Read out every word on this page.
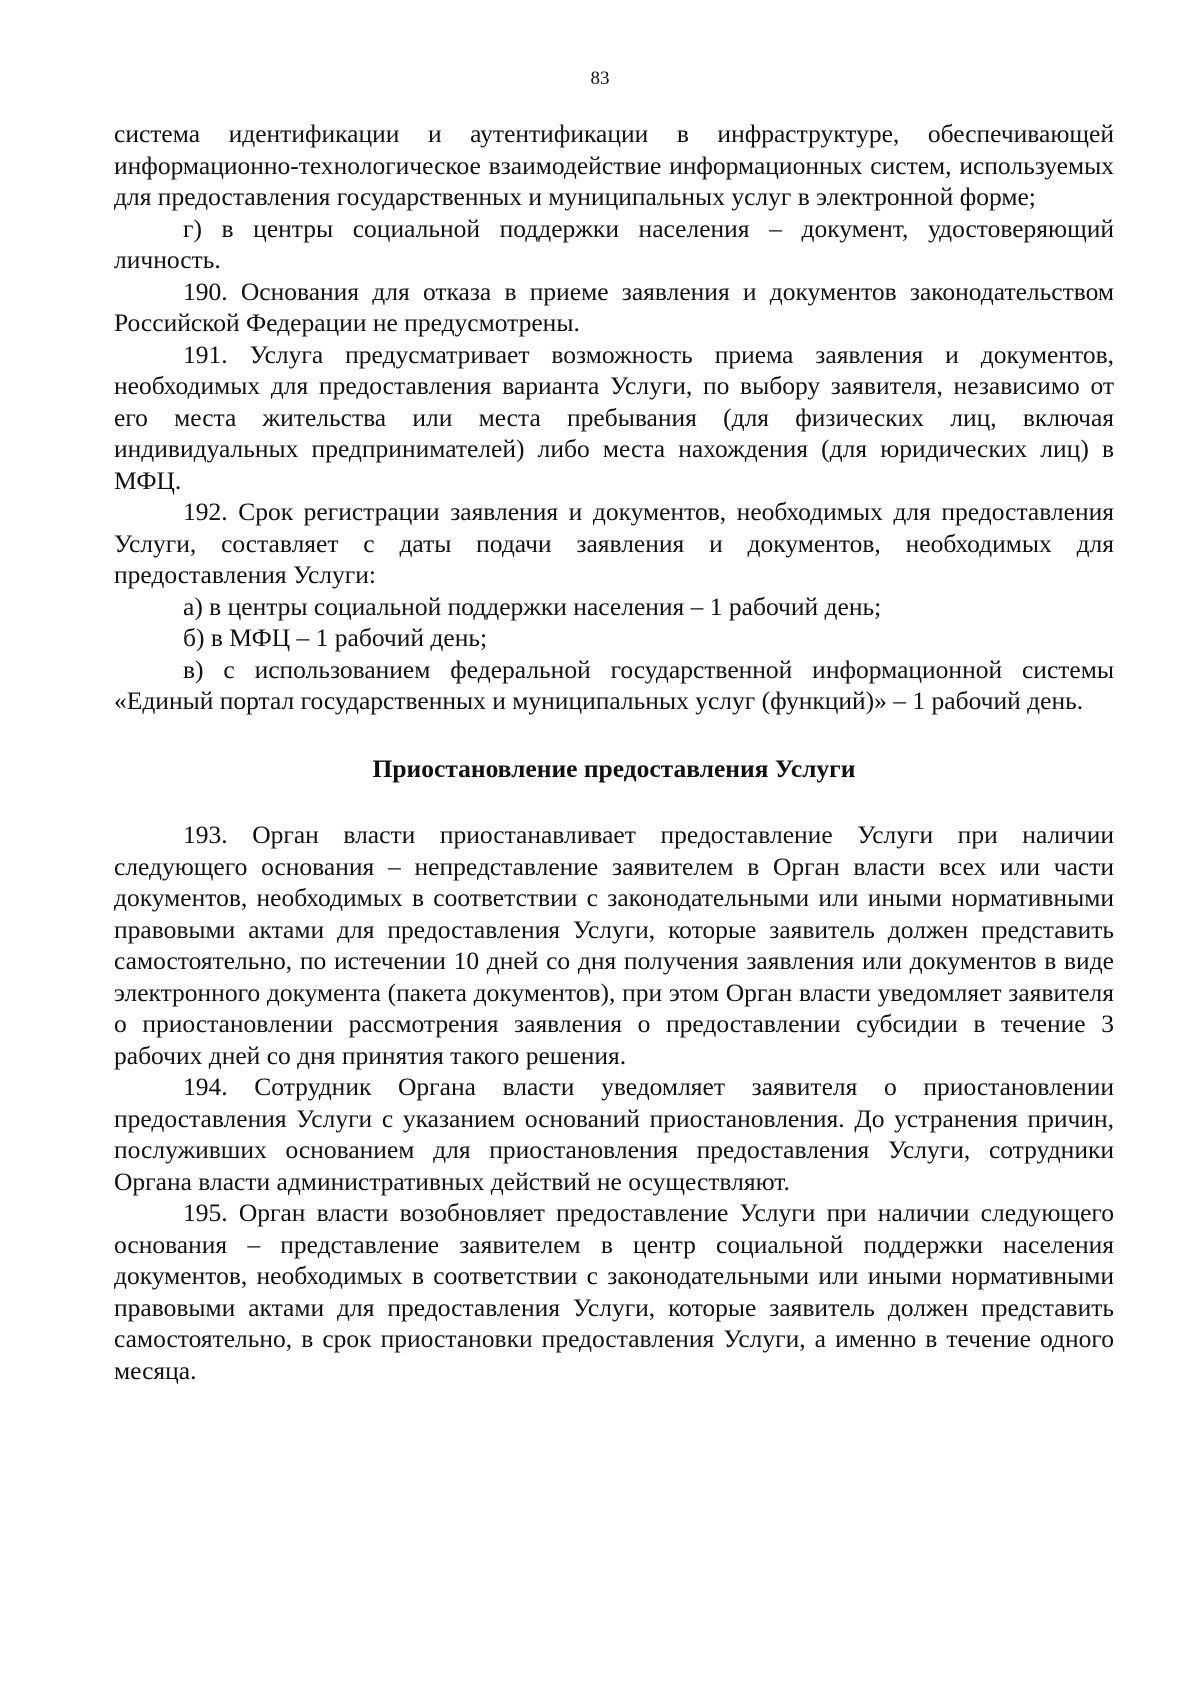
83

система идентификации и аутентификации в инфраструктуре, обеспечивающей информационно-технологическое взаимодействие информационных систем, используемых для предоставления государственных и муниципальных услуг в электронной форме;

г) в центры социальной поддержки населения – документ, удостоверяющий личность.

190. Основания для отказа в приеме заявления и документов законодательством Российской Федерации не предусмотрены.

191. Услуга предусматривает возможность приема заявления и документов, необходимых для предоставления варианта Услуги, по выбору заявителя, независимо от его места жительства или места пребывания (для физических лиц, включая индивидуальных предпринимателей) либо места нахождения (для юридических лиц) в МФЦ.

192. Срок регистрации заявления и документов, необходимых для предоставления Услуги, составляет с даты подачи заявления и документов, необходимых для предоставления Услуги:

а) в центры социальной поддержки населения – 1 рабочий день;

б) в МФЦ – 1 рабочий день;

в) с использованием федеральной государственной информационной системы «Единый портал государственных и муниципальных услуг (функций)» – 1 рабочий день.

Приостановление предоставления Услуги

193. Орган власти приостанавливает предоставление Услуги при наличии следующего основания – непредставление заявителем в Орган власти всех или части документов, необходимых в соответствии с законодательными или иными нормативными правовыми актами для предоставления Услуги, которые заявитель должен представить самостоятельно, по истечении 10 дней со дня получения заявления или документов в виде электронного документа (пакета документов), при этом Орган власти уведомляет заявителя о приостановлении рассмотрения заявления о предоставлении субсидии в течение 3 рабочих дней со дня принятия такого решения.

194. Сотрудник Органа власти уведомляет заявителя о приостановлении предоставления Услуги с указанием оснований приостановления. До устранения причин, послуживших основанием для приостановления предоставления Услуги, сотрудники Органа власти административных действий не осуществляют.

195. Орган власти возобновляет предоставление Услуги при наличии следующего основания – представление заявителем в центр социальной поддержки населения документов, необходимых в соответствии с законодательными или иными нормативными правовыми актами для предоставления Услуги, которые заявитель должен представить самостоятельно, в срок приостановки предоставления Услуги, а именно в течение одного месяца.
